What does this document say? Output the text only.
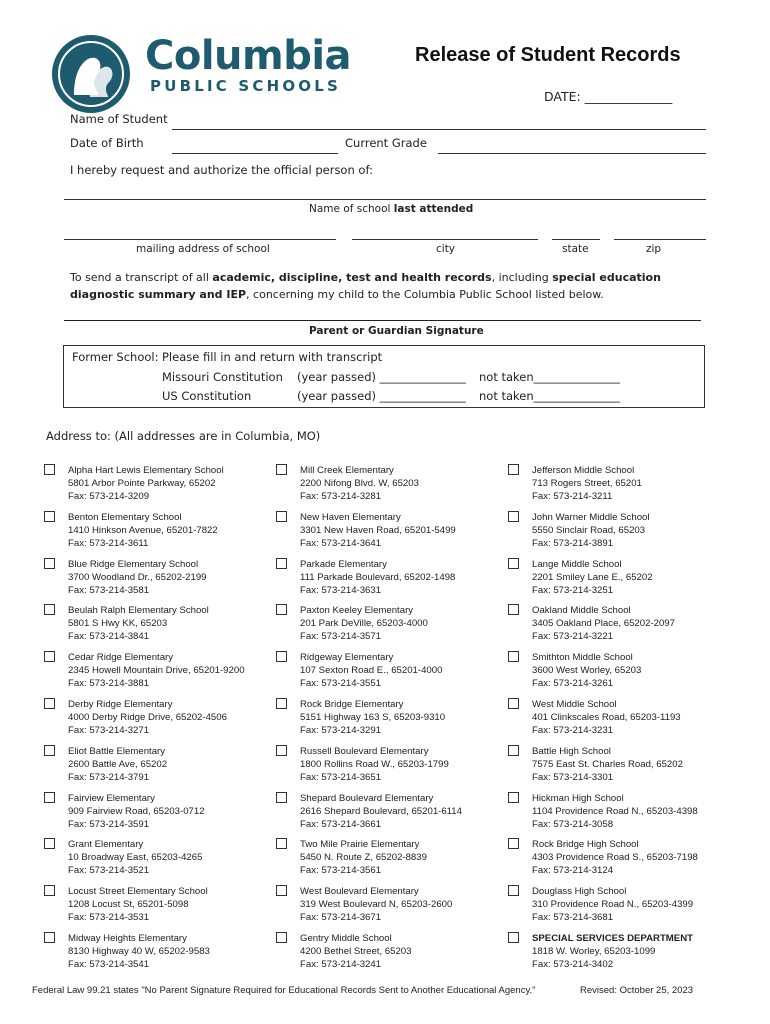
Columbia
PUBLIC SCHOOLS
Release of Student Records
DATE: ______________
Name of Student
Date of Birth	Current Grade
I hereby request and authorize the official person of:
Name of school last attended
mailing address of school	city	state	zip
To send a transcript of all academic, discipline, test and health records, including special education diagnostic summary and IEP, concerning my child to the Columbia Public School listed below.
Parent or Guardian Signature
Former School: Please fill in and return with transcript
Missouri Constitution (year passed) _______________ not taken_______________
US Constitution	(year passed) _______________ not taken_______________
Address to: (All addresses are in Columbia, MO)
Alpha Hart Lewis Elementary School
5801 Arbor Pointe Parkway, 65202
Fax: 573-214-3209
Benton Elementary School
1410 Hinkson Avenue, 65201-7822
Fax: 573-214-3611
Blue Ridge Elementary School
3700 Woodland Dr., 65202-2199
Fax: 573-214-3581
Beulah Ralph Elementary School
5801 S Hwy KK, 65203
Fax: 573-214-3841
Cedar Ridge Elementary
2345 Howell Mountain Drive, 65201-9200
Fax: 573-214-3881
Derby Ridge Elementary
4000 Derby Ridge Drive, 65202-4506
Fax: 573-214-3271
Eliot Battle Elementary
2600 Battle Ave, 65202
Fax: 573-214-3791
Fairview Elementary
909 Fairview Road, 65203-0712
Fax: 573-214-3591
Grant Elementary
10 Broadway East, 65203-4265
Fax: 573-214-3521
Locust Street Elementary School
1208 Locust St, 65201-5098
Fax: 573-214-3531
Midway Heights Elementary
8130 Highway 40 W, 65202-9583
Fax: 573-214-3541
Mill Creek Elementary
2200 Nifong Blvd. W, 65203
Fax: 573-214-3281
New Haven Elementary
3301 New Haven Road, 65201-5499
Fax: 573-214-3641
Parkade Elementary
111 Parkade Boulevard, 65202-1498
Fax: 573-214-3631
Paxton Keeley Elementary
201 Park DeVille, 65203-4000
Fax: 573-214-3571
Ridgeway Elementary
107 Sexton Road E., 65201-4000
Fax: 573-214-3551
Rock Bridge Elementary
5151 Highway 163 S, 65203-9310
Fax: 573-214-3291
Russell Boulevard Elementary
1800 Rollins Road W., 65203-1799
Fax: 573-214-3651
Shepard Boulevard Elementary
2616 Shepard Boulevard, 65201-6114
Fax: 573-214-3661
Two Mile Prairie Elementary
5450 N. Route Z, 65202-8839
Fax: 573-214-3561
West Boulevard Elementary
319 West Boulevard N, 65203-2600
Fax: 573-214-3671
Gentry Middle School
4200 Bethel Street, 65203
Fax: 573-214-3241
Jefferson Middle School
713 Rogers Street, 65201
Fax: 573-214-3211
John Warner Middle School
5550 Sinclair Road, 65203
Fax: 573-214-3891
Lange Middle School
2201 Smiley Lane E., 65202
Fax: 573-214-3251
Oakland Middle School
3405 Oakland Place, 65202-2097
Fax: 573-214-3221
Smithton Middle School
3600 West Worley, 65203
Fax: 573-214-3261
West Middle School
401 Clinkscales Road, 65203-1193
Fax: 573-214-3231
Battle High School
7575 East St. Charles Road, 65202
Fax: 573-214-3301
Hickman High School
1104 Providence Road N., 65203-4398
Fax: 573-214-3058
Rock Bridge High School
4303 Providence Road S., 65203-7198
Fax: 573-214-3124
Douglass High School
310 Providence Road N., 65203-4399
Fax: 573-214-3681
SPECIAL SERVICES DEPARTMENT
1818 W. Worley, 65203-1099
Fax: 573-214-3402
Federal Law 99.21 states "No Parent Signature Required for Educational Records Sent to Another Educational Agency."	Revised: October 25, 2023
